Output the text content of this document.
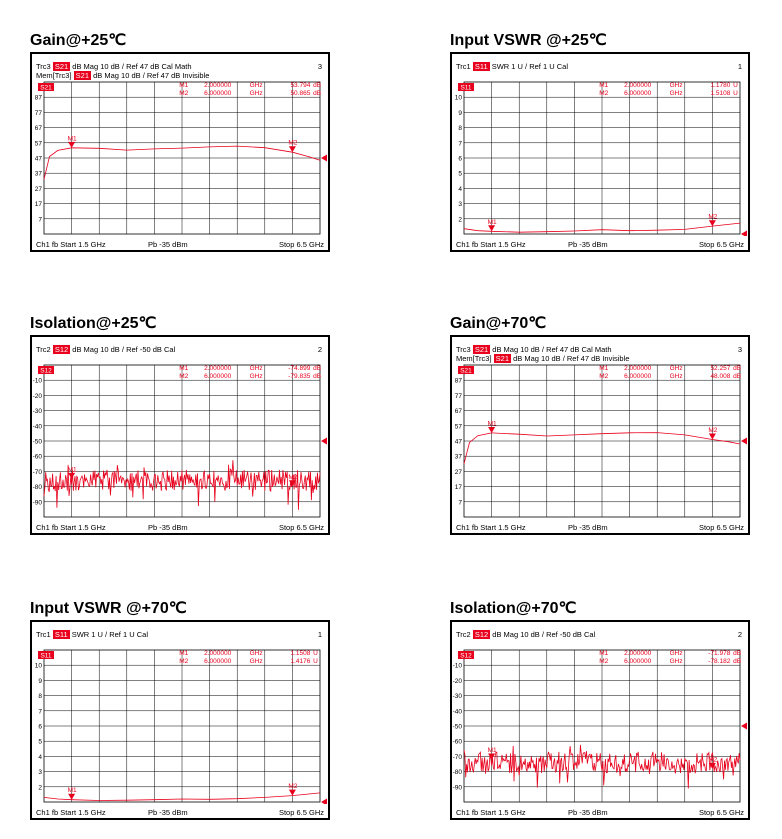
Gain@+25℃
Trc3 S21 dB Mag 10 dB / Ref 47 dB Cal Math	3
Mem[Trc3] S21 dB Mag 10 dB / Ref 47 dB Invisible
87
77
67
57
47
37
27
17
7
S21
M1
M1 2.000000	GHz	53.794 dB
M2
M2 6.000000	GHz	50.865 dB
Ch1 fb Start 1.5 GHz	Pb -35 dBm	Stop 6.5 GHz
Input VSWR @+25℃
Trc1 S11 SWR 1 U / Ref 1 U Cal	1
10
9
8
7
6
5
4
3
2
S11
M1
M1 2.000000	GHz	1.1780 U
M2
M2 6.000000	GHz	1.5108 U
Ch1 fb Start 1.5 GHz	Pb -35 dBm	Stop 6.5 GHz
Isolation@+25℃
Trc2 S12 dB Mag 10 dB / Ref -50 dB Cal	2
-10
-20
-30
-40
-50
-60
-70
-80
-90
S12
M1
M1 2.000000	GHz	-74.899 dB
M2
M2 6.000000	GHz	-79.835 dB
Ch1 fb Start 1.5 GHz	Pb -35 dBm	Stop 6.5 GHz
Gain@+70℃
Trc3 S21 dB Mag 10 dB / Ref 47 dB Cal Math	3
Mem[Trc3] S21 dB Mag 10 dB / Ref 47 dB Invisible
87
77
67
57
47
37
27
17
7
S21
M1
M1 2.000000	GHz	52.257 dB
M2
M2 6.000000	GHz	48.008 dB
Ch1 fb Start 1.5 GHz	Pb -35 dBm	Stop 6.5 GHz
Input VSWR @+70℃
Trc1 S11 SWR 1 U / Ref 1 U Cal	1
10
9
8
7
6
5
4
3
2
S11
M1
M1 2.000000	GHz	1.1508 U
M2
M2 6.000000	GHz	1.4176 U
Ch1 fb Start 1.5 GHz	Pb -35 dBm	Stop 6.5 GHz
Isolation@+70℃
Trc2 S12 dB Mag 10 dB / Ref -50 dB Cal	2
-10
-20
-30
-40
-50
-60
-70
-80
-90
S12
M1
M1 2.000000	GHz	-71.978 dB
M2
M2 6.000000	GHz	-78.182 dB
Ch1 fb Start 1.5 GHz	Pb -35 dBm	Stop 6.5 GHz
